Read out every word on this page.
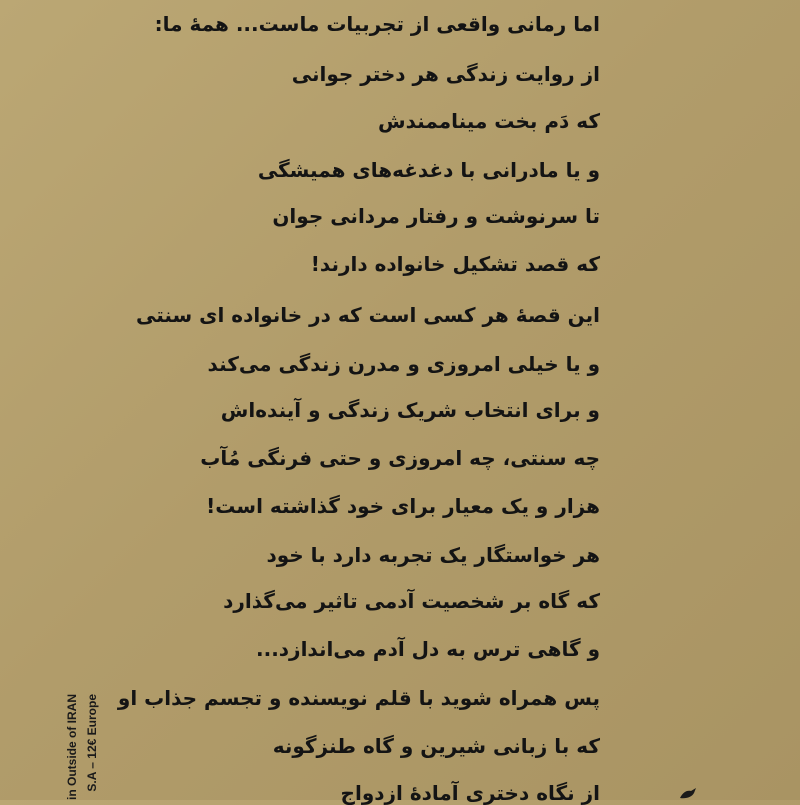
اما رمانی واقعی از تجربیات ماست... همهٔ ما:
از روایت زندگی هر دختر جوانی
که دَم بخت میناممندش
و یا مادرانی با دغدغه‌های همیشگی
تا سرنوشت و رفتار مردانی جوان
که قصد تشکیل خانواده دارند!
این قصهٔ هر کسی است که در خانواده ای سنتی
و یا خیلی امروزی و مدرن زندگی می‌کند
و برای انتخاب شریک زندگی و آینده‌اش
چه سنتی، چه امروزی و حتی فرنگی مُآب
هزار و یک معیار برای خود گذاشته است!
هر خواستگار یک تجربه دارد با خود
که گاه بر شخصیت آدمی تاثیر می‌گذارد
و گاهی ترس به دل آدم می‌اندازد...
پس همراه شوید با قلم نویسنده و تجسم جذاب او
که با زبانی شیرین و گاه طنزگونه
از نگاه دختری آمادهٔ ازدواج
in Outside of IRAN S.A – 12€ Europe
